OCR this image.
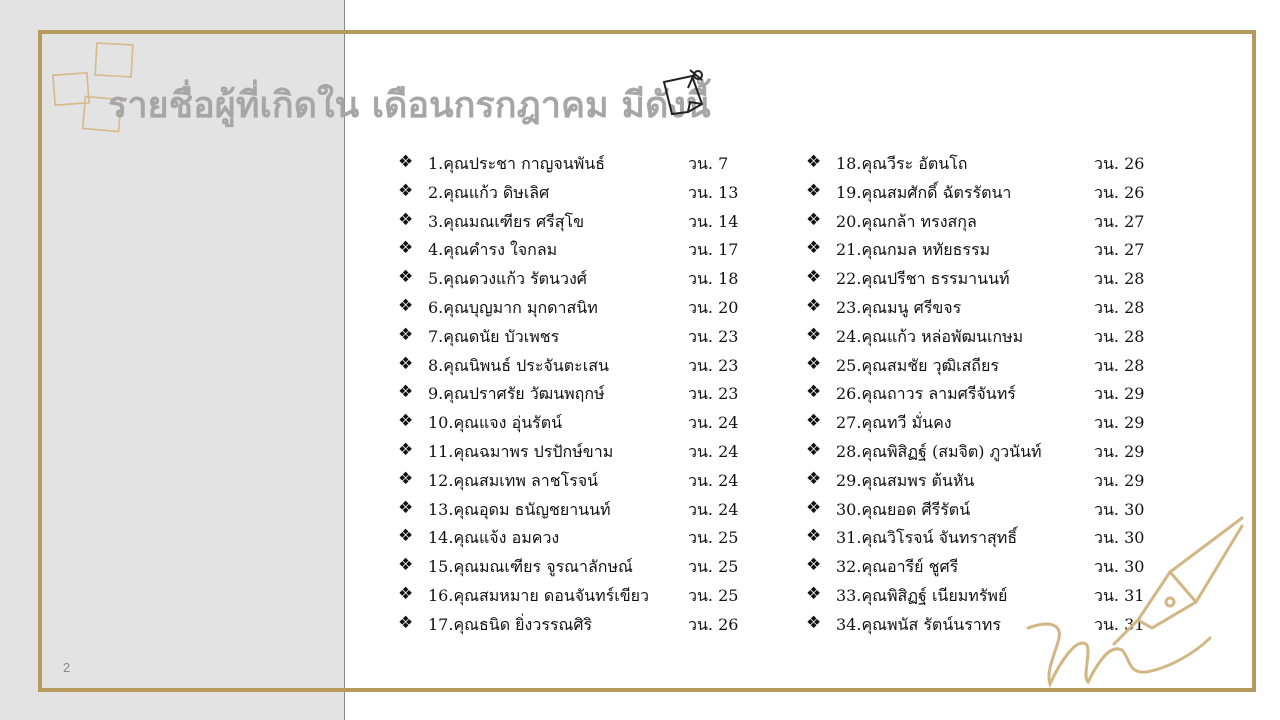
รายชื่อผู้ที่เกิดใน เดือนกรกฎาคม มีดังนี้
❖ 1.คุณประชา กาญจนพันธ์	วน. 7
❖ 2.คุณแก้ว ดิษเลิศ	วน. 13
❖ 3.คุณมณเฑียร ศรีสุโข	วน. 14
❖ 4.คุณคำรง ใจกลม	วน. 17
❖ 5.คุณดวงแก้ว รัตนวงศ์	วน. 18
❖ 6.คุณบุญมาก มุกดาสนิท	วน. 20
❖ 7.คุณดนัย บัวเพชร	วน. 23
❖ 8.คุณนิพนธ์ ประจันตะเสน	วน. 23
❖ 9.คุณปราศรัย วัฒนพฤกษ์	วน. 23
❖ 10.คุณแจง อุ่นรัตน์	วน. 24
❖ 11.คุณฉมาพร ปรปักษ์ขาม	วน. 24
❖ 12.คุณสมเทพ ลาชโรจน์	วน. 24
❖ 13.คุณอุดม ธนัญชยานนท์	วน. 24
❖ 14.คุณแจ้ง อมควง	วน. 25
❖ 15.คุณมณเฑียร จูรณาลักษณ์	วน. 25
❖ 16.คุณสมหมาย ดอนจันทร์เขียว วน. 25
❖ 17.คุณธนิด ยิ่งวรรณศิริ	วน. 26
❖ 18.คุณวีระ อัตนโถ	วน. 26
❖ 19.คุณสมศักดิ์ ฉัตรรัตนา	วน. 26
❖ 20.คุณกล้า ทรงสกุล	วน. 27
❖ 21.คุณกมล หทัยธรรม	วน. 27
❖ 22.คุณปรีชา ธรรมานนท์	วน. 28
❖ 23.คุณมนู ศรีขจร	วน. 28
❖ 24.คุณแก้ว หล่อพัฒนเกษม	วน. 28
❖ 25.คุณสมชัย วุฒิเสถียร	วน. 28
❖ 26.คุณถาวร ลามศรีจันทร์	วน. 29
❖ 27.คุณทวี มั่นคง	วน. 29
❖ 28.คุณพิสิฏฐ์ (สมจิต) ภูวนันท์	วน. 29
❖ 29.คุณสมพร ต้นหัน	วน. 29
❖ 30.คุณยอด ศีรีรัตน์	วน. 30
❖ 31.คุณวิโรจน์ จันทราสุทธิ์	วน. 30
❖ 32.คุณอารีย์ ชูศรี	วน. 30
❖ 33.คุณพิสิฏฐ์ เนียมทรัพย์	วน. 31
❖ 34.คุณพนัส รัตน์นราทร	วน. 31
2
